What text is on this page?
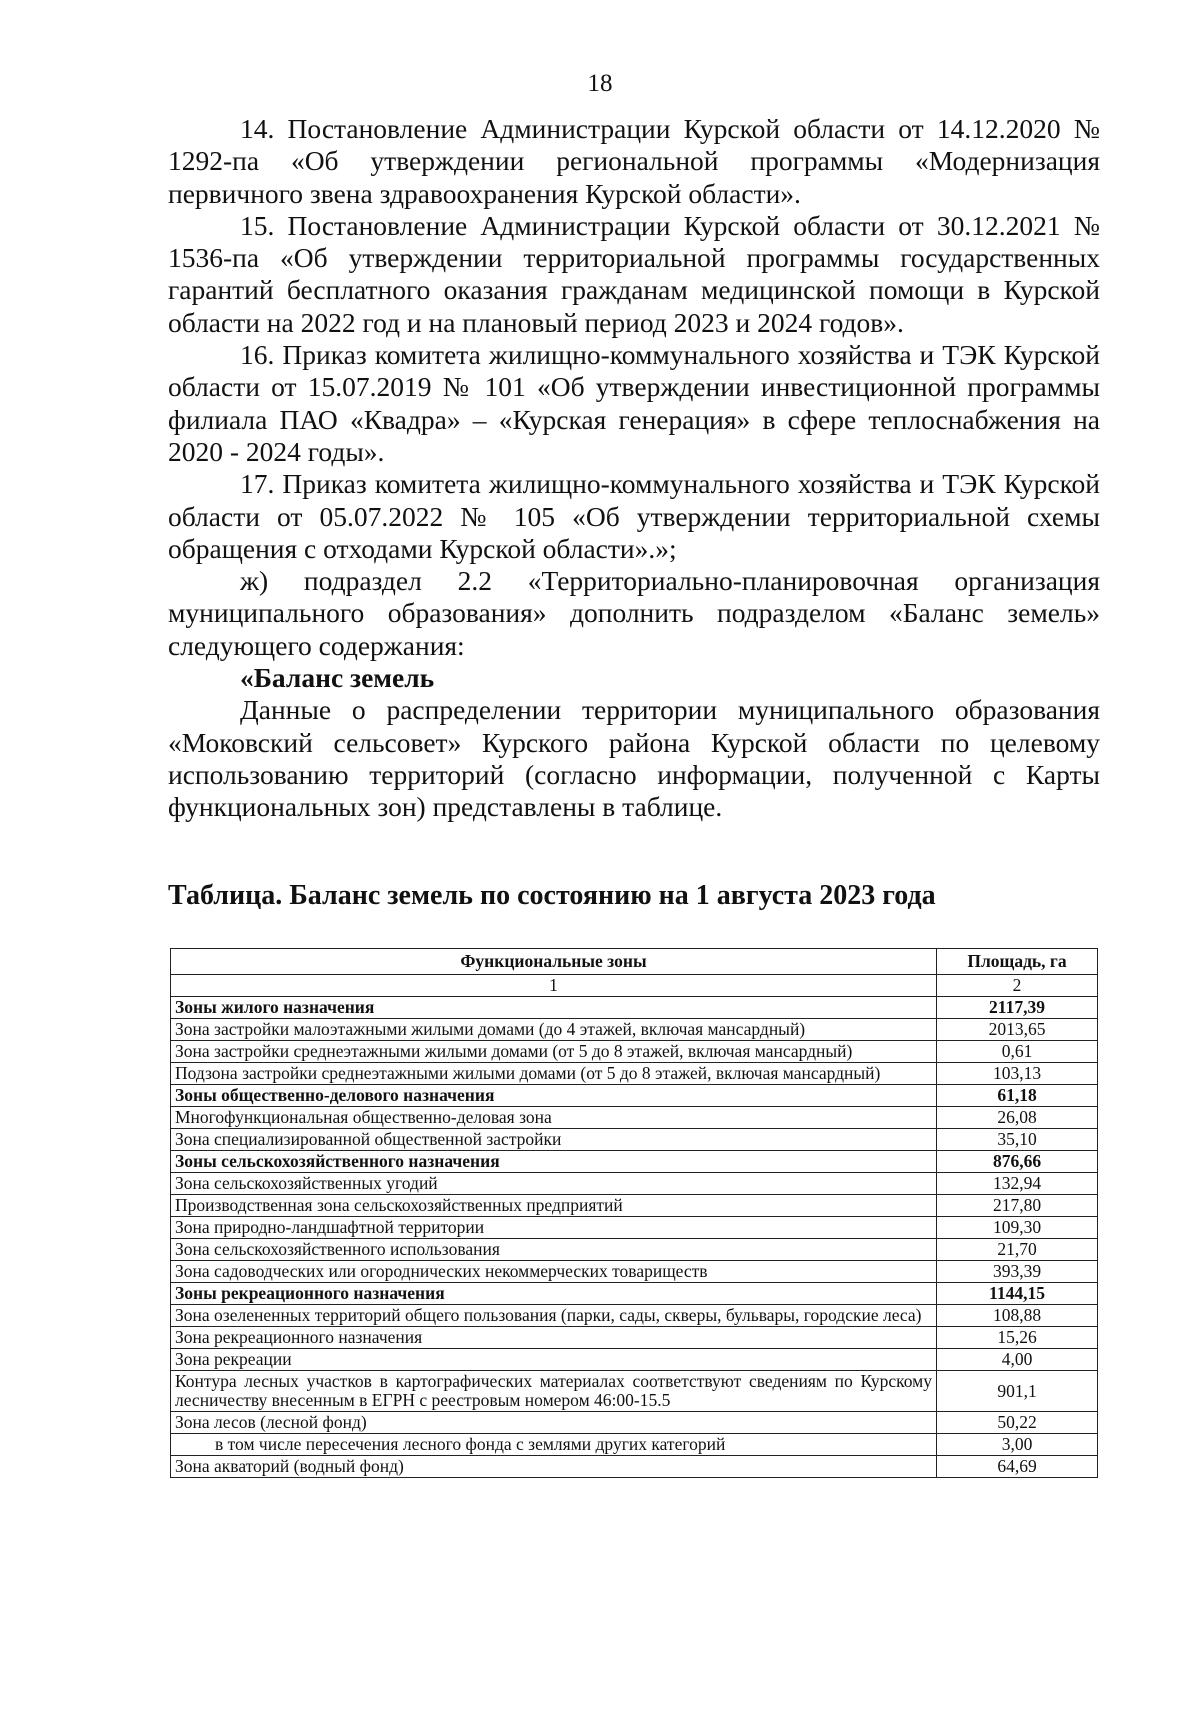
18

14. Постановление Администрации Курской области от 14.12.2020 № 1292-па «Об утверждении региональной программы «Модернизация первичного звена здравоохранения Курской области».

15. Постановление Администрации Курской области от 30.12.2021 № 1536-па «Об утверждении территориальной программы государственных гарантий бесплатного оказания гражданам медицинской помощи в Курской области на 2022 год и на плановый период 2023 и 2024 годов».

16. Приказ комитета жилищно-коммунального хозяйства и ТЭК Курской области от 15.07.2019 № 101 «Об утверждении инвестиционной программы филиала ПАО «Квадра» – «Курская генерация» в сфере теплоснабжения на 2020 - 2024 годы».

17. Приказ комитета жилищно-коммунального хозяйства и ТЭК Курской области от 05.07.2022 № 105 «Об утверждении территориальной схемы обращения с отходами Курской области».»;

ж) подраздел 2.2 «Территориально-планировочная организация муниципального образования» дополнить подразделом «Баланс земель» следующего содержания:

«Баланс земель

Данные о распределении территории муниципального образования «Моковский сельсовет» Курского района Курской области по целевому использованию территорий (согласно информации, полученной с Карты функциональных зон) представлены в таблице.

Таблица. Баланс земель по состоянию на 1 августа 2023 года
Функциональные зоны	Площадь, га
1	2
Зоны жилого назначения	2117,39
Зона застройки малоэтажными жилыми домами (до 4 этажей, включая мансардный)	2013,65
Зона застройки среднеэтажными жилыми домами (от 5 до 8 этажей, включая мансардный)	0,61
Подзона застройки среднеэтажными жилыми домами (от 5 до 8 этажей, включая мансардный)	103,13
Зоны общественно-делового назначения	61,18
Многофункциональная общественно-деловая зона	26,08
Зона специализированной общественной застройки	35,10
Зоны сельскохозяйственного назначения	876,66
Зона сельскохозяйственных угодий	132,94
Производственная зона сельскохозяйственных предприятий	217,80
Зона природно-ландшафтной территории	109,30
Зона сельскохозяйственного использования	21,70
Зона садоводческих или огороднических некоммерческих товариществ	393,39
Зоны рекреационного назначения	1144,15
Зона озелененных территорий общего пользования (парки, сады, скверы, бульвары, городские леса)	108,88
Зона рекреационного назначения	15,26
Зона рекреации	4,00
Контура лесных участков в картографических материалах соответствуют сведениям по Курскому лесничеству внесенным в ЕГРН с реестровым номером 46:00-15.5	901,1
Зона лесов (лесной фонд)	50,22
в том числе пересечения лесного фонда с землями других категорий	3,00
Зона акваторий (водный фонд)	64,69
